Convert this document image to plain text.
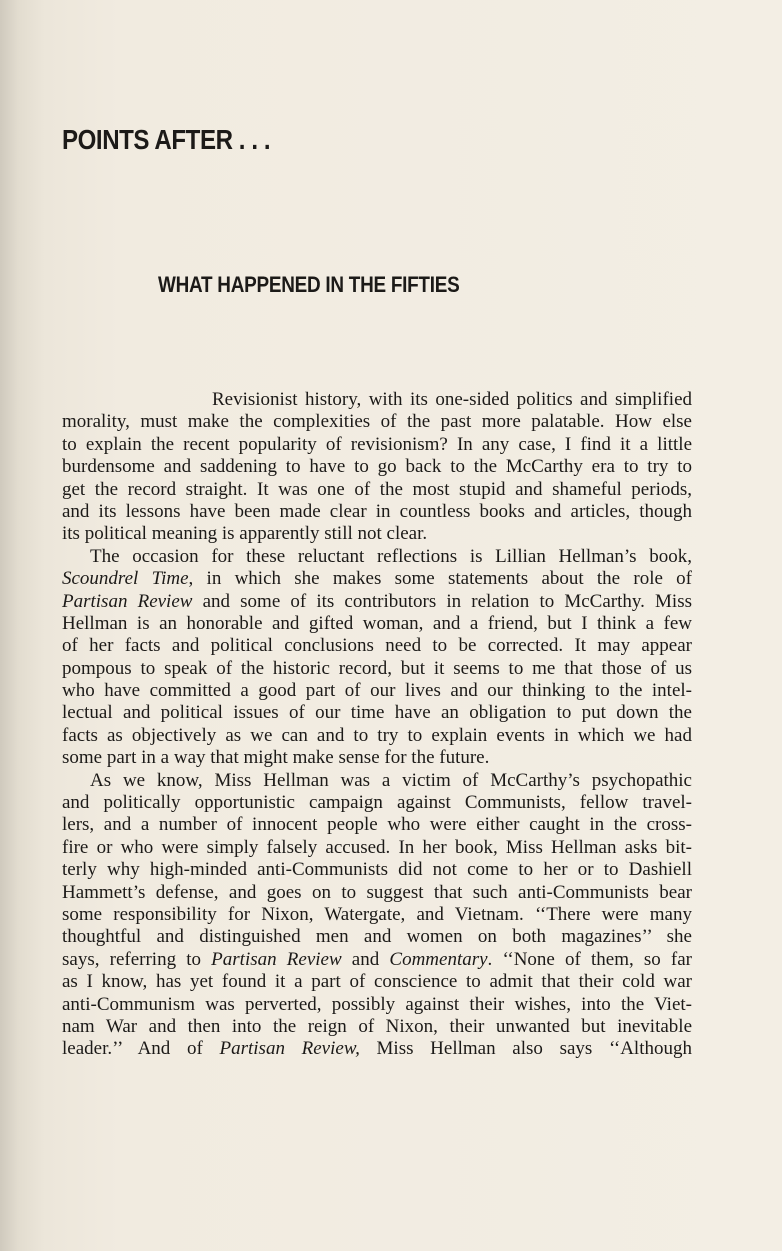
POINTS AFTER . . .
WHAT HAPPENED IN THE FIFTIES
Revisionist history, with its one-sided politics and simplified
morality, must make the complexities of the past more palatable. How else
to explain the recent popularity of revisionism? In any case, I find it a little
burdensome and saddening to have to go back to the McCarthy era to try to
get the record straight. It was one of the most stupid and shameful periods,
and its lessons have been made clear in countless books and articles, though
its political meaning is apparently still not clear.
The occasion for these reluctant reflections is Lillian Hellman’s book,
Scoundrel Time, in which she makes some statements about the role of
Partisan Review and some of its contributors in relation to McCarthy. Miss
Hellman is an honorable and gifted woman, and a friend, but I think a few
of her facts and political conclusions need to be corrected. It may appear
pompous to speak of the historic record, but it seems to me that those of us
who have committed a good part of our lives and our thinking to the intel-
lectual and political issues of our time have an obligation to put down the
facts as objectively as we can and to try to explain events in which we had
some part in a way that might make sense for the future.
As we know, Miss Hellman was a victim of McCarthy’s psychopathic
and politically opportunistic campaign against Communists, fellow travel-
lers, and a number of innocent people who were either caught in the cross-
fire or who were simply falsely accused. In her book, Miss Hellman asks bit-
terly why high-minded anti-Communists did not come to her or to Dashiell
Hammett’s defense, and goes on to suggest that such anti-Communists bear
some responsibility for Nixon, Watergate, and Vietnam. ‘‘There were many
thoughtful and distinguished men and women on both magazines’’ she
says, referring to Partisan Review and Commentary. ‘‘None of them, so far
as I know, has yet found it a part of conscience to admit that their cold war
anti-Communism was perverted, possibly against their wishes, into the Viet-
nam War and then into the reign of Nixon, their unwanted but inevitable
leader.’’ And of Partisan Review, Miss Hellman also says ‘‘Although
